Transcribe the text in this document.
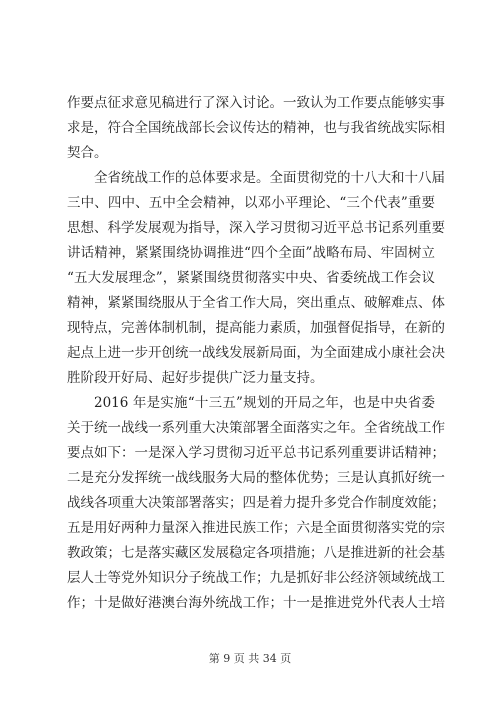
作要点征求意见稿进行了深入讨论。一致认为工作要点能够实事
求是，符合全国统战部长会议传达的精神，也与我省统战实际相
契合。
全省统战工作的总体要求是。全面贯彻党的十八大和十八届
三中、四中、五中全会精神，以邓小平理论、“三个代表”重要
思想、科学发展观为指导，深入学习贯彻习近平总书记系列重要
讲话精神，紧紧围绕协调推进“四个全面”战略布局、牢固树立
“五大发展理念”，紧紧围绕贯彻落实中央、省委统战工作会议
精神，紧紧围绕服从于全省工作大局，突出重点、破解难点、体
现特点，完善体制机制，提高能力素质，加强督促指导，在新的
起点上进一步开创统一战线发展新局面，为全面建成小康社会决
胜阶段开好局、起好步提供广泛力量支持。
2016 年是实施“十三五”规划的开局之年，也是中央省委
关于统一战线一系列重大决策部署全面落实之年。全省统战工作
要点如下：一是深入学习贯彻习近平总书记系列重要讲话精神；
二是充分发挥统一战线服务大局的整体优势；三是认真抓好统一
战线各项重大决策部署落实；四是着力提升多党合作制度效能；
五是用好两种力量深入推进民族工作；六是全面贯彻落实党的宗
教政策；七是落实藏区发展稳定各项措施；八是推进新的社会基
层人士等党外知识分子统战工作；九是抓好非公经济领域统战工
作；十是做好港澳台海外统战工作；十一是推进党外代表人士培
第 9 页 共 34 页
